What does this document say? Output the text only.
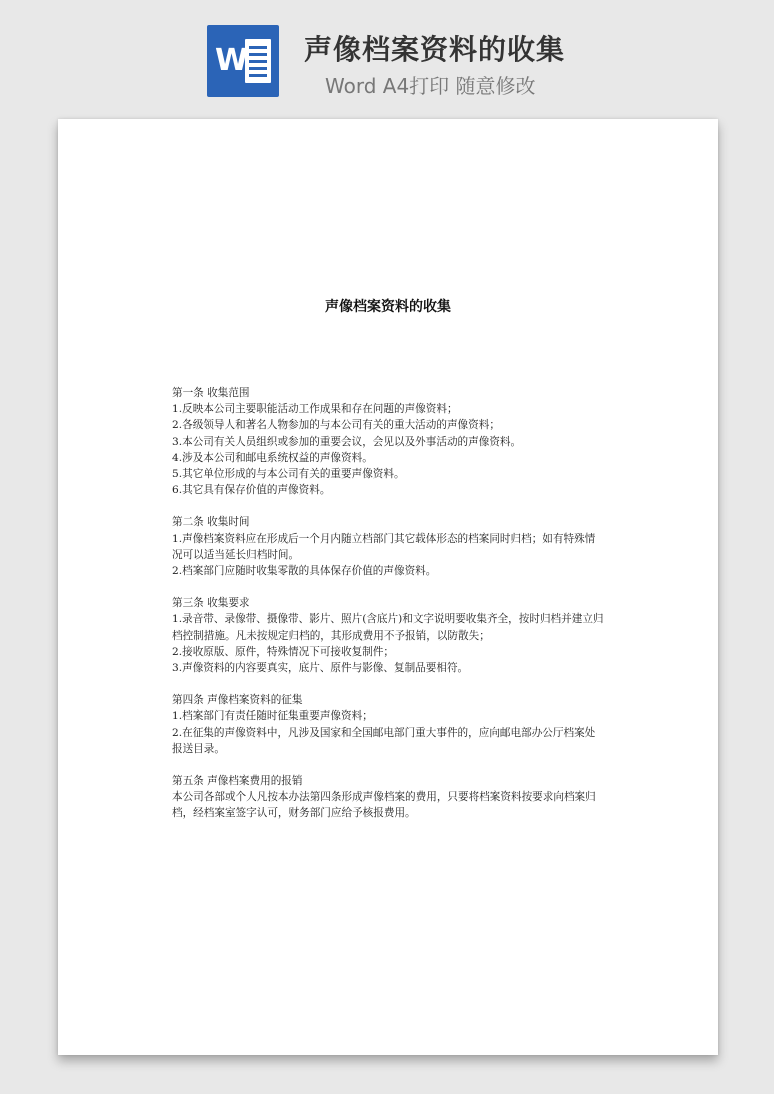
W 声像档案资料的收集
Word A4打印 随意修改

声像档案资料的收集

第一条 收集范围

1.反映本公司主要职能活动工作成果和存在问题的声像资料；

2.各级领导人和著名人物参加的与本公司有关的重大活动的声像资料；

3.本公司有关人员组织或参加的重要会议，会见以及外事活动的声像资料。

4.涉及本公司和邮电系统权益的声像资料。

5.其它单位形成的与本公司有关的重要声像资料。

6.其它具有保存价值的声像资料。

第二条 收集时间

1.声像档案资料应在形成后一个月内随立档部门其它载体形态的档案同时归档；如有特殊情况可以适当延长归档时间。

2.档案部门应随时收集零散的具体保存价值的声像资料。

第三条 收集要求

1.录音带、录像带、摄像带、影片、照片(含底片)和文字说明要收集齐全，按时归档并建立归档控制措施。凡未按规定归档的，其形成费用不予报销，以防散失；

2.接收原版、原件，特殊情况下可接收复制件；

3.声像资料的内容要真实，底片、原件与影像、复制品要相符。

第四条 声像档案资料的征集

1.档案部门有责任随时征集重要声像资料；

2.在征集的声像资料中，凡涉及国家和全国邮电部门重大事件的，应向邮电部办公厅档案处报送目录。

第五条 声像档案费用的报销

本公司各部或个人凡按本办法第四条形成声像档案的费用，只要将档案资料按要求向档案归档，经档案室签字认可，财务部门应给予核报费用。
